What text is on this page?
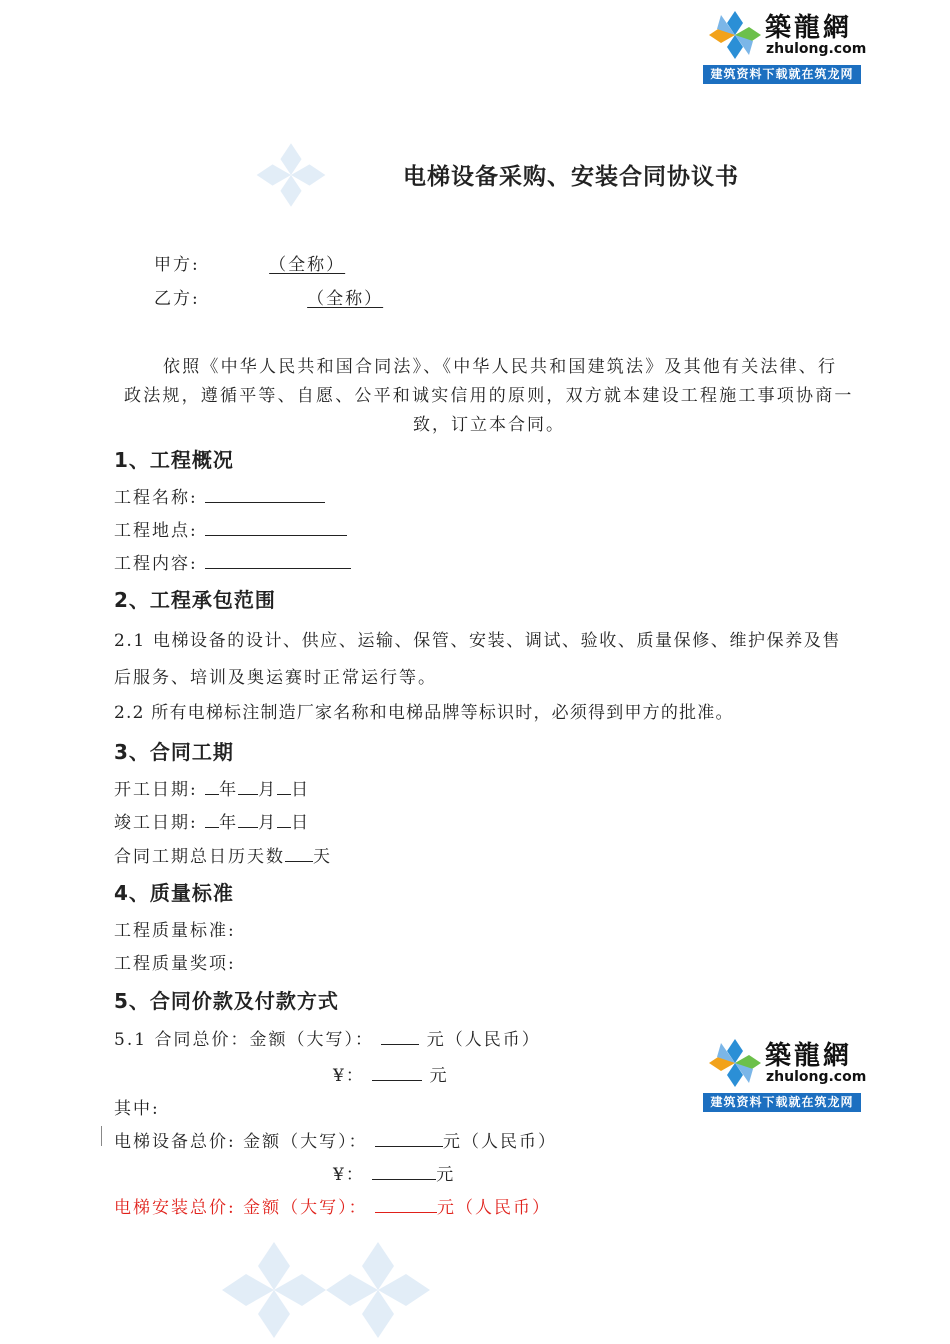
築龍網
zhulong.com
建筑资料下载就在筑龙网
电梯设备采购、安装合同协议书
甲方:	（全称）
乙方:	（全称）
依照《中华人民共和国合同法》、《中华人民共和国建筑法》及其他有关法律、行
政法规，遵循平等、自愿、公平和诚实信用的原则，双方就本建设工程施工事项协商一
致，订立本合同。
1、工程概况
工程名称:
工程地点:
工程内容:
2、工程承包范围
2.1 电梯设备的设计、供应、运输、保管、安装、调试、验收、质量保修、维护保养及售
后服务、培训及奥运赛时正常运行等。
2.2 所有电梯标注制造厂家名称和电梯品牌等标识时，必须得到甲方的批准。
3、合同工期
开工日期: 年 月 日
竣工日期: 年 月 日
合同工期总日历天数 天
4、质量标准
工程质量标准:
工程质量奖项:
5、合同价款及付款方式
5.1 合同总价：金额（大写）：	元（人民币）
¥：	元
其中:
电梯设备总价: 金额（大写）：	元（人民币）
¥：	元
电梯安装总价: 金额（大写）：	元（人民币）
築龍網
zhulong.com
建筑资料下载就在筑龙网
